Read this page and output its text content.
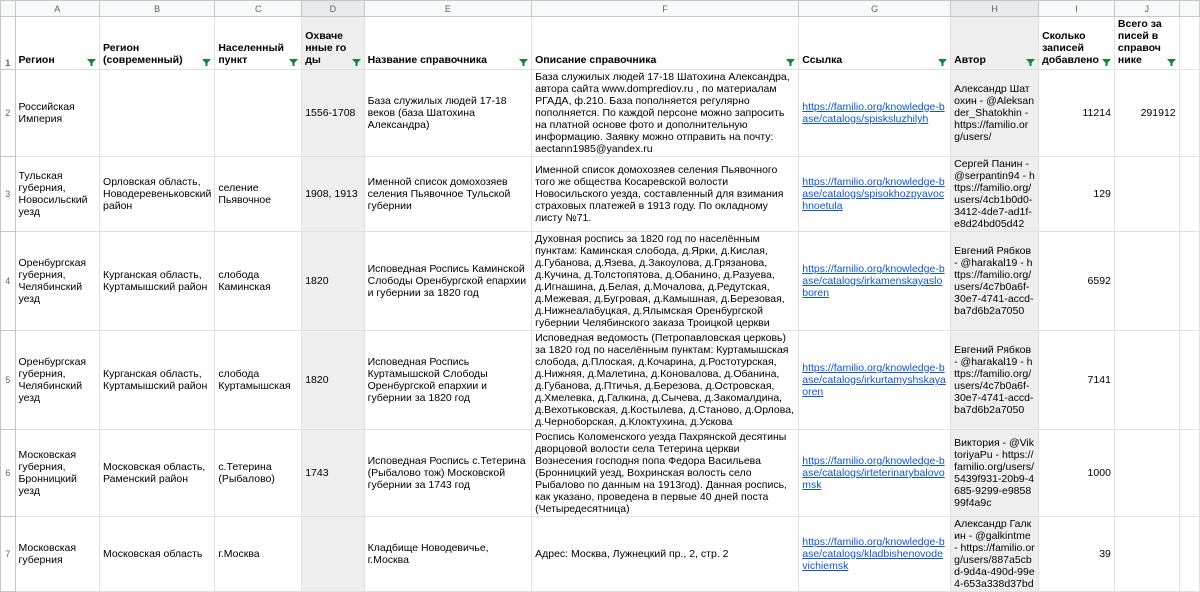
	A	B	C	D	E	F	G	H	I	J	
1	Регион	Регион (современный)	Населенный пункт	Охваченные годы	Название справочника	Описание справочника	Ссылка	Автор	Сколько записей добавлено	Всего записей в справочнике	

2	Российская Империя			1556-1708	База служилых людей 17-18 веков (база Шатохина Александра)	База служилых людей 17-18 Шатохина Александра, автора сайта www.domprediov.ru , по материалам РГАДА, ф.210. База пополняется регулярно пополняется. По каждой персоне можно запросить на платной основе фото и дополнительную информацию. Заявку можно отправить на почту: aectann1985@yandex.ru	https://familio.org/knowledge-base/catalogs/spisksluzhilyh	Александр Шатохин - @Aleksander_Shatokhin - https://familio.org/users/	11214	291912	
3	Тульская губерния, Новосильский уезд	Орловская область, Новодеревеньковский район	селение Пьявочное	1908, 1913	Именной список домохозяев селения Пьявочное Тульской губернии	Именной список домохозяев селения Пьявочного того же общества Косаревской волости Новосильского уезда, составленный для взимания страховых платежей в 1913 году. По окладному листу №71.	https://familio.org/knowledge-base/catalogs/spisokhozpyavochnoetula	Сергей Панин - @serpantin94 - https://familio.org/users/4cb1b0d0-3412-4de7-ad1f-e8d24bd05d42	129		
4	Оренбургская губерния, Челябинский уезд	Курганская область, Куртамышский район	слобода Каминская	1820	Исповедная Роспись Каминской Слободы Оренбургской епархии и губернии за 1820 год	Духовная роспись за 1820 год по населённым пунктам: Каминская слобода, д.Ярки, д.Кислая, д.Губанова, д.Язева, д.Закоулова, д.Грязанова, д.Кучина, д.Толстопятова, д.Обанино, д.Разуева, д.Игнашина, д.Белая, д.Мочалова, д.Редутская, д.Межевая, д.Бугровая, д.Камышная, д.Березовая, д.Нижнеалабуцкая, д.Ялымская Оренбургской губернии Челябинского заказа Троицкой церкви	https://familio.org/knowledge-base/catalogs/irkamenskayasloboren	Евгений Рябков - @harakal19 - https://familio.org/users/4c7b0a6f-30e7-4741-accd-ba7d6b2a7050	6592		
5	Оренбургская губерния, Челябинский уезд	Курганская область, Куртамышский район	слобода Куртамышская	1820	Исповедная Роспись Куртамышской Слободы Оренбургской епархии и губернии за 1820 год	Исповедная ведомость (Петропавловская церковь) за 1820 год по населённым пунктам: Куртамышская слобода, д.Плоская, д.Кочарина, д.Ростотурская, д.Нижняя, д.Малетина, д.Коновалова, д.Обанина, д.Губанова, д.Птичья, д.Березова, д.Островская, д.Хмелевка, д.Галкина, д.Сычева, д.Закомалдина, д.Вехотьковская, д.Костылева, д.Становo, д.Орлова, д.Черноборская, д.Клоктухина, д.Ускова	https://familio.org/knowledge-base/catalogs/irkurtamyshskayaoren	Евгений Рябков - @harakal19 - https://familio.org/users/4c7b0a6f-30e7-4741-accd-ba7d6b2a7050	7141		
6	Московская губерния, Бронницкий уезд	Московская область, Раменский район	с.Тетерина (Рыбалово)	1743	Исповедная Роспись с.Тетерина (Рыбалово тож) Московской губернии за 1743 год	Роспись Коломенского уезда Пахрянской десятины дворцовой волости села Тетерина церкви Вознесения господня попа Федора Васильева (Бронницкий уезд, Вохринская волость село Рыбалово по данным на 1913год). Данная роспись, как указано, проведена в первые 40 дней поста (Четыредесятница)	https://familio.org/knowledge-base/catalogs/irteterinarybalovomsk	Виктория - @ViktoriyaPu - https://familio.org/users/5439f931-20b9-4685-9299-e985899f4a9c	1000		
7	Московская губерния	Московская область	г.Москва		Кладбище Новодевичье, г.Москва	Адрес: Москва, Лужнецкий пр., 2, стр. 2	https://familio.org/knowledge-base/catalogs/kladbishenovodevichiemsk	Александр Галкин - @galkintme - https://familio.org/users/887a5cbd-9d4a-490d-99e4-653a338d37bd	39		
